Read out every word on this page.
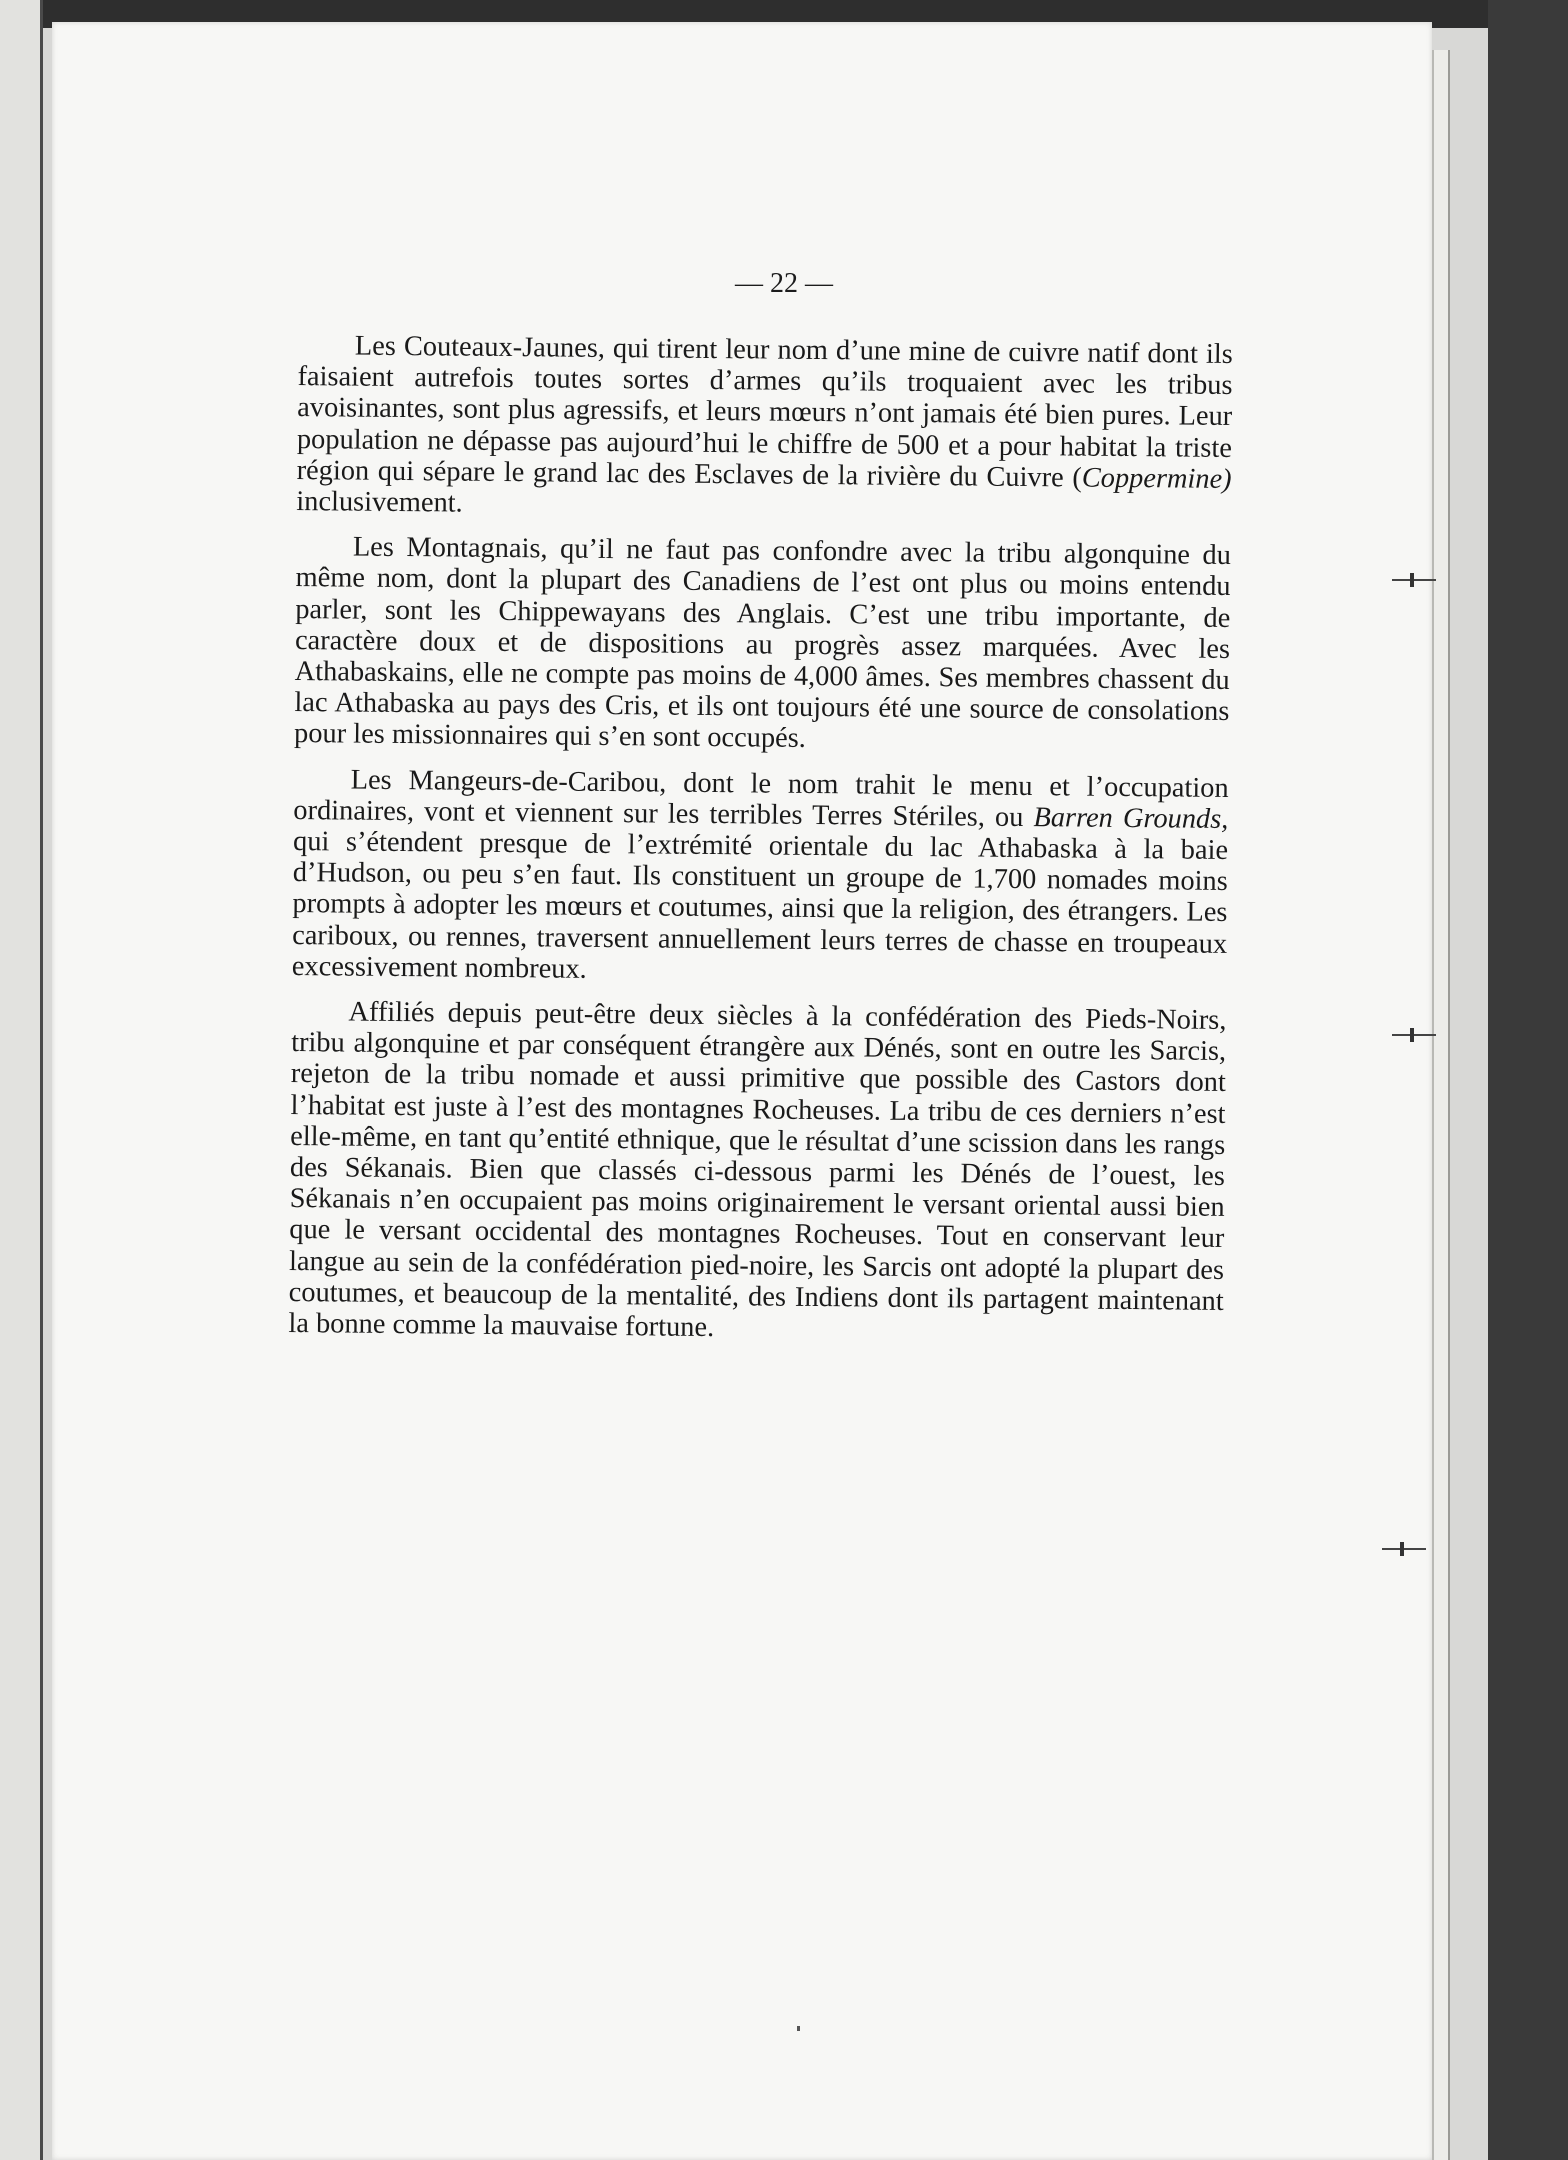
— 22 —

Les Couteaux-Jaunes, qui tirent leur nom d’une mine de cuivre natif dont ils faisaient autrefois toutes sortes d’armes qu’ils troquaient avec les tribus avoisinantes, sont plus agressifs, et leurs mœurs n’ont jamais été bien pures. Leur population ne dépasse pas aujourd’hui le chiffre de 500 et a pour habitat la triste région qui sépare le grand lac des Esclaves de la rivière du Cuivre (Coppermine) inclusivement.

Les Montagnais, qu’il ne faut pas confondre avec la tribu algonquine du même nom, dont la plupart des Canadiens de l’est ont plus ou moins entendu parler, sont les Chippewayans des Anglais. C’est une tribu importante, de caractère doux et de dispositions au progrès assez marquées. Avec les Athabaskains, elle ne compte pas moins de 4,000 âmes. Ses membres chassent du lac Athabaska au pays des Cris, et ils ont toujours été une source de consolations pour les missionnaires qui s’en sont occupés.

Les Mangeurs-de-Caribou, dont le nom trahit le menu et l’occupation ordinaires, vont et viennent sur les terribles Terres Stériles, ou Barren Grounds, qui s’étendent presque de l’extrémité orientale du lac Athabaska à la baie d’Hudson, ou peu s’en faut. Ils constituent un groupe de 1,700 nomades moins prompts à adopter les mœurs et coutumes, ainsi que la religion, des étrangers. Les cariboux, ou rennes, traversent annuellement leurs terres de chasse en troupeaux excessivement nombreux.

Affiliés depuis peut-être deux siècles à la confédération des Pieds-Noirs, tribu algonquine et par conséquent étrangère aux Dénés, sont en outre les Sarcis, rejeton de la tribu nomade et aussi primitive que possible des Castors dont l’habitat est juste à l’est des montagnes Rocheuses. La tribu de ces derniers n’est elle-même, en tant qu’entité ethnique, que le résultat d’une scission dans les rangs des Sékanais. Bien que classés ci-dessous parmi les Dénés de l’ouest, les Sékanais n’en occupaient pas moins originairement le versant oriental aussi bien que le versant occidental des montagnes Rocheuses. Tout en conservant leur langue au sein de la confédération pied-noire, les Sarcis ont adopté la plupart des coutumes, et beaucoup de la mentalité, des Indiens dont ils partagent maintenant la bonne comme la mauvaise fortune.
